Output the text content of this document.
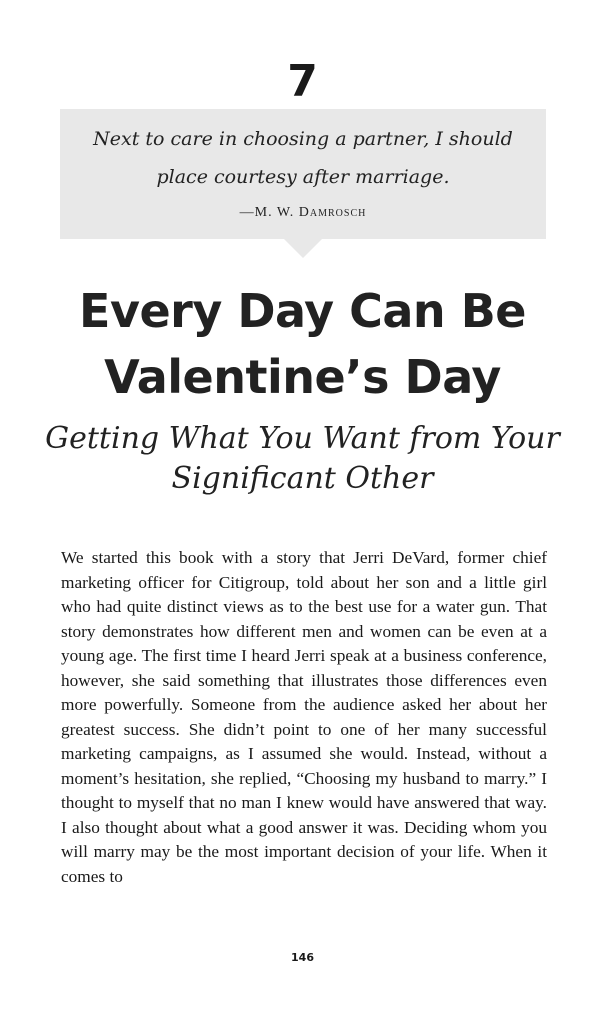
7
Next to care in choosing a partner, I should place courtesy after marriage.
—M. W. Damrosch
Every Day Can Be Valentine’s Day
Getting What You Want from Your Significant Other
We started this book with a story that Jerri DeVard, former chief marketing officer for Citigroup, told about her son and a little girl who had quite distinct views as to the best use for a water gun. That story demonstrates how different men and women can be even at a young age. The first time I heard Jerri speak at a business conference, however, she said something that illustrates those differences even more powerfully. Someone from the audience asked her about her greatest success. She didn’t point to one of her many successful marketing campaigns, as I assumed she would. Instead, without a moment’s hesitation, she replied, “Choosing my husband to marry.” I thought to myself that no man I knew would have answered that way. I also thought about what a good answer it was. Deciding whom you will marry may be the most important decision of your life. When it comes to
146
